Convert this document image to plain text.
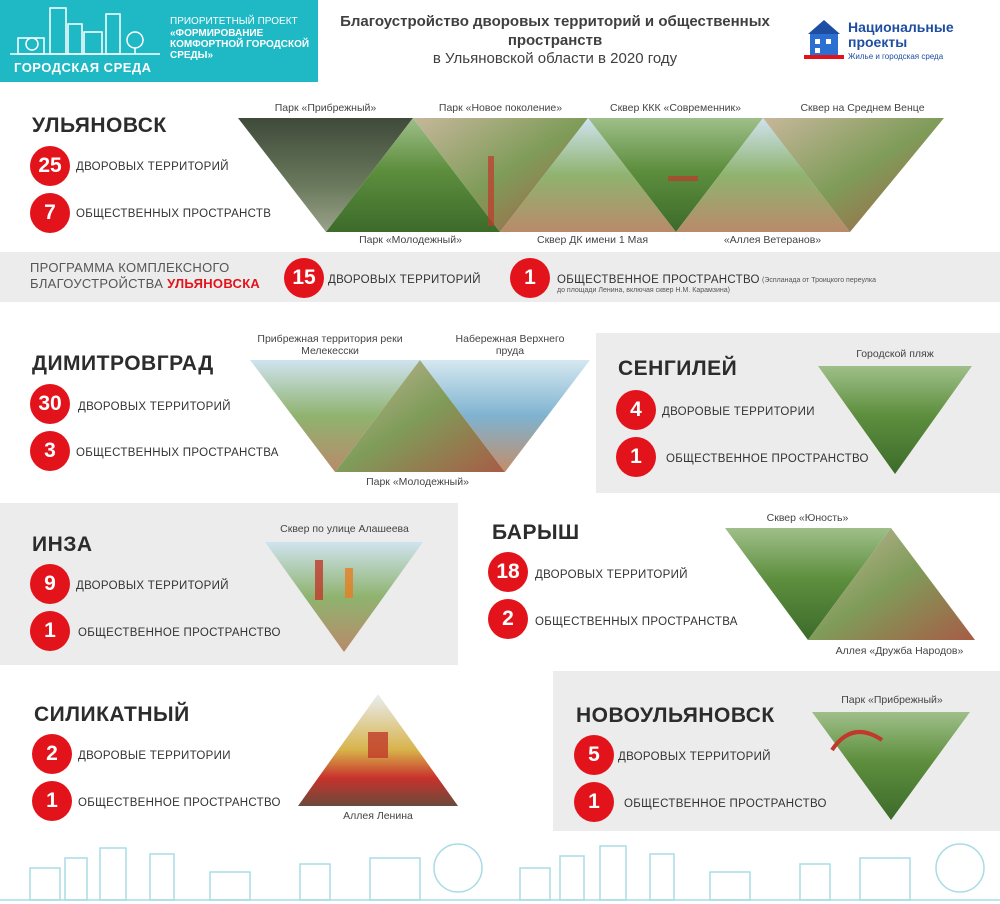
ГОРОДСКАЯ СРЕДА
ПРИОРИТЕТНЫЙ ПРОЕКТ
«ФОРМИРОВАНИЕ КОМФОРТНОЙ ГОРОДСКОЙ СРЕДЫ»
Благоустройство дворовых территорий и общественных пространств
в Ульяновской области в 2020 году
Национальные проекты
Жилье и городская среда
УЛЬЯНОВСК
25	ДВОРОВЫХ ТЕРРИТОРИЙ
7	ОБЩЕСТВЕННЫХ ПРОСТРАНСТВ
Парк «Прибрежный»	Парк «Новое поколение»	Сквер ККК «Современник»	Сквер на Среднем Венце
Парк «Молодежный»	Сквер ДК имени 1 Мая	«Аллея Ветеранов»
ПРОГРАММА КОМПЛЕКСНОГО
БЛАГОУСТРОЙСТВА УЛЬЯНОВСКА	15	ДВОРОВЫХ ТЕРРИТОРИЙ	1	ОБЩЕСТВЕННОЕ ПРОСТРАНСТВО (Эспланада от Троицкого переулка
до площади Ленина, включая сквер Н.М. Карамзина)
ДИМИТРОВГРАД
30	ДВОРОВЫХ ТЕРРИТОРИЙ
3	ОБЩЕСТВЕННЫХ ПРОСТРАНСТВА
Прибрежная территория реки Мелекесски
Набережная Верхнего пруда
Парк «Молодежный»
СЕНГИЛЕЙ
4	ДВОРОВЫЕ ТЕРРИТОРИИ
1	ОБЩЕСТВЕННОЕ ПРОСТРАНСТВО
Городской пляж
ИНЗА
9	ДВОРОВЫХ ТЕРРИТОРИЙ
1	ОБЩЕСТВЕННОЕ ПРОСТРАНСТВО
Сквер по улице Алашеева	БАРЫШ
18	ДВОРОВЫХ ТЕРРИТОРИЙ
2	ОБЩЕСТВЕННЫХ ПРОСТРАНСТВА
Сквер «Юность»
Аллея «Дружба Народов»
СИЛИКАТНЫЙ
2	ДВОРОВЫЕ ТЕРРИТОРИИ
1	ОБЩЕСТВЕННОЕ ПРОСТРАНСТВО
Аллея Ленина
НОВОУЛЬЯНОВСК
5	ДВОРОВЫХ ТЕРРИТОРИЙ
1	ОБЩЕСТВЕННОЕ ПРОСТРАНСТВО
Парк «Прибрежный»
